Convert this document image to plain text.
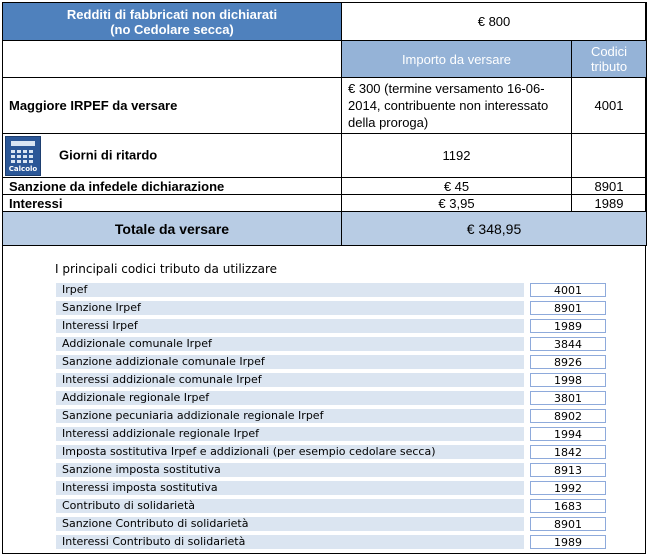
Redditi di fabbricati non dichiarati
(no Cedolare secca)	€ 800	
	Importo da versare	Codici
tributo

Maggiore IRPEF da versare	€ 300 (termine versamento 16-06-2014, contribuente non interessato della proroga)	4001

Calcolo
Giorni di ritardo	1192	
Sanzione da infedele dichiarazione	€ 45	8901
Interessi	€ 3,95	1989
Totale da versare	€ 348,95	
I principali codici tributo da utilizzare
Irpef	4001
Sanzione Irpef	8901
Interessi Irpef	1989
Addizionale comunale Irpef	3844
Sanzione addizionale comunale Irpef	8926
Interessi addizionale comunale Irpef	1998
Addizionale regionale Irpef	3801
Sanzione pecuniaria addizionale regionale Irpef	8902
Interessi addizionale regionale Irpef	1994
Imposta sostitutiva Irpef e addizionali (per esempio cedolare secca)	1842
Sanzione imposta sostitutiva	8913
Interessi imposta sostitutiva	1992
Contributo di solidarietà	1683
Sanzione Contributo di solidarietà	8901
Interessi Contributo di solidarietà	1989
